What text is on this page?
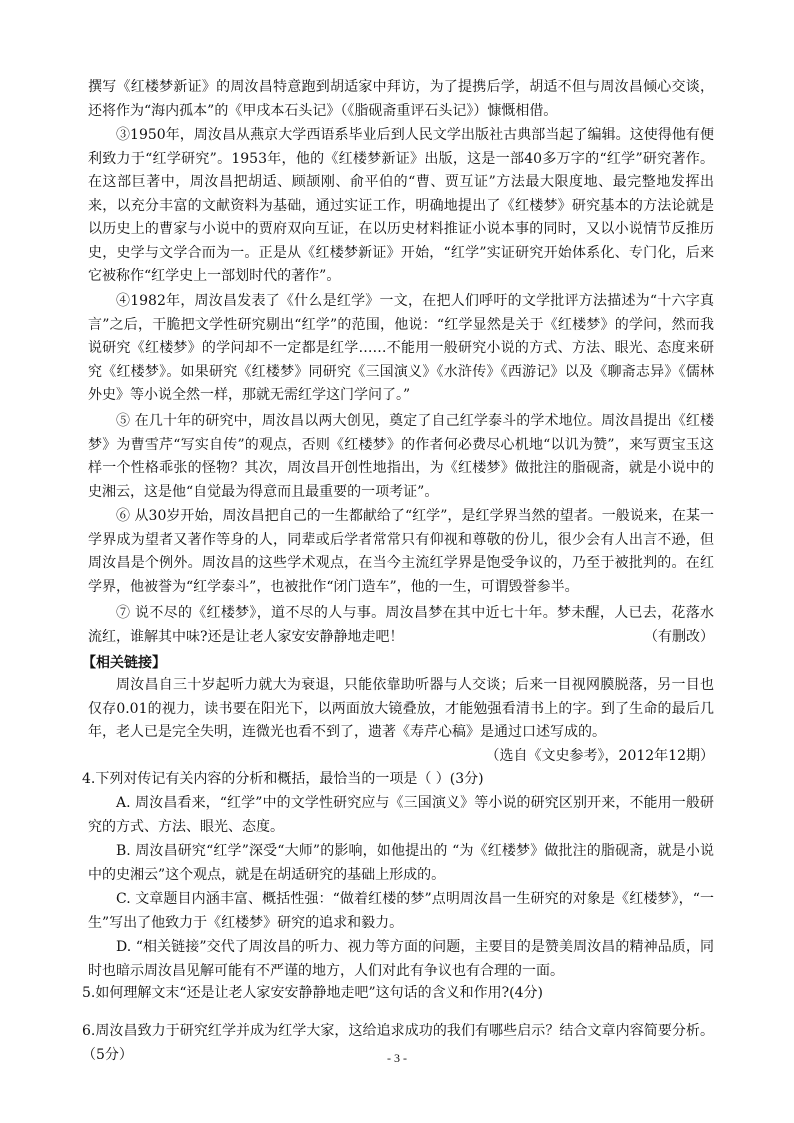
撰写《红楼梦新证》的周汝昌特意跑到胡适家中拜访，为了提携后学，胡适不但与周汝昌倾心交谈，还将作为“海内孤本”的《甲戌本石头记》（《脂砚斋重评石头记》）慷慨相借。

③1950年，周汝昌从燕京大学西语系毕业后到人民文学出版社古典部当起了编辑。这使得他有便利致力于“红学研究”。1953年，他的《红楼梦新证》出版，这是一部40多万字的“红学”研究著作。在这部巨著中，周汝昌把胡适、顾颉刚、俞平伯的“曹、贾互证”方法最大限度地、最完整地发挥出来，以充分丰富的文献资料为基础，通过实证工作，明确地提出了《红楼梦》研究基本的方法论就是以历史上的曹家与小说中的贾府双向互证，在以历史材料推证小说本事的同时，又以小说情节反推历史，史学与文学合而为一。正是从《红楼梦新证》开始，“红学”实证研究开始体系化、专门化，后来它被称作“红学史上一部划时代的著作”。

④1982年，周汝昌发表了《什么是红学》一文，在把人们呼吁的文学批评方法描述为“十六字真言”之后，干脆把文学性研究剔出“红学”的范围，他说：“红学显然是关于《红楼梦》的学问，然而我说研究《红楼梦》的学问却不一定都是红学……不能用一般研究小说的方式、方法、眼光、态度来研究《红楼梦》。如果研究《红楼梦》同研究《三国演义》《水浒传》《西游记》以及《聊斋志异》《儒林外史》等小说全然一样，那就无需红学这门学问了。”

⑤ 在几十年的研究中，周汝昌以两大创见，奠定了自己红学泰斗的学术地位。周汝昌提出《红楼梦》为曹雪芹“写实自传”的观点，否则《红楼梦》的作者何必费尽心机地“以讥为赞”，来写贾宝玉这样一个性格乖张的怪物？其次，周汝昌开创性地指出，为《红楼梦》做批注的脂砚斋，就是小说中的史湘云，这是他“自觉最为得意而且最重要的一项考证”。

⑥ 从30岁开始，周汝昌把自己的一生都献给了“红学”，是红学界当然的望者。一般说来，在某一学界成为望者又著作等身的人，同辈或后学者常常只有仰视和尊敬的份儿，很少会有人出言不逊，但周汝昌是个例外。周汝昌的这些学术观点，在当今主流红学界是饱受争议的，乃至于被批判的。在红学界，他被誉为“红学泰斗”，也被批作“闭门造车”，他的一生，可谓毁誉参半。

⑦ 说不尽的《红楼梦》，道不尽的人与事。周汝昌梦在其中近七十年。梦未醒，人已去，花落水流红，谁解其中味?还是让老人家安安静静地走吧！	（有删改）

【相关链接】

周汝昌自三十岁起听力就大为衰退，只能依靠助听器与人交谈；后来一目视网膜脱落，另一目也仅存0.01的视力，读书要在阳光下，以两面放大镜叠放，才能勉强看清书上的字。到了生命的最后几年，老人已是完全失明，连微光也看不到了，遗著《寿芹心稿》是通过口述写成的。
（选自《文史参考》，2012年12期）

4.下列对传记有关内容的分析和概括，最恰当的一项是（ ）(3分)

A. 周汝昌看来，“红学”中的文学性研究应与《三国演义》等小说的研究区别开来，不能用一般研究的方式、方法、眼光、态度。

B. 周汝昌研究“红学”深受“大师”的影响，如他提出的 “为《红楼梦》做批注的脂砚斋，就是小说中的史湘云”这个观点，就是在胡适研究的基础上形成的。

C. 文章题目内涵丰富、概括性强：“做着红楼的梦”点明周汝昌一生研究的对象是《红楼梦》，“一生”写出了他致力于《红楼梦》研究的追求和毅力。

D. “相关链接”交代了周汝昌的听力、视力等方面的问题，主要目的是赞美周汝昌的精神品质，同时也暗示周汝昌见解可能有不严谨的地方，人们对此有争议也有合理的一面。

5.如何理解文末“还是让老人家安安静静地走吧”这句话的含义和作用?(4分)

6.周汝昌致力于研究红学并成为红学大家，这给追求成功的我们有哪些启示？结合文章内容简要分析。（5分）	- 3 -
